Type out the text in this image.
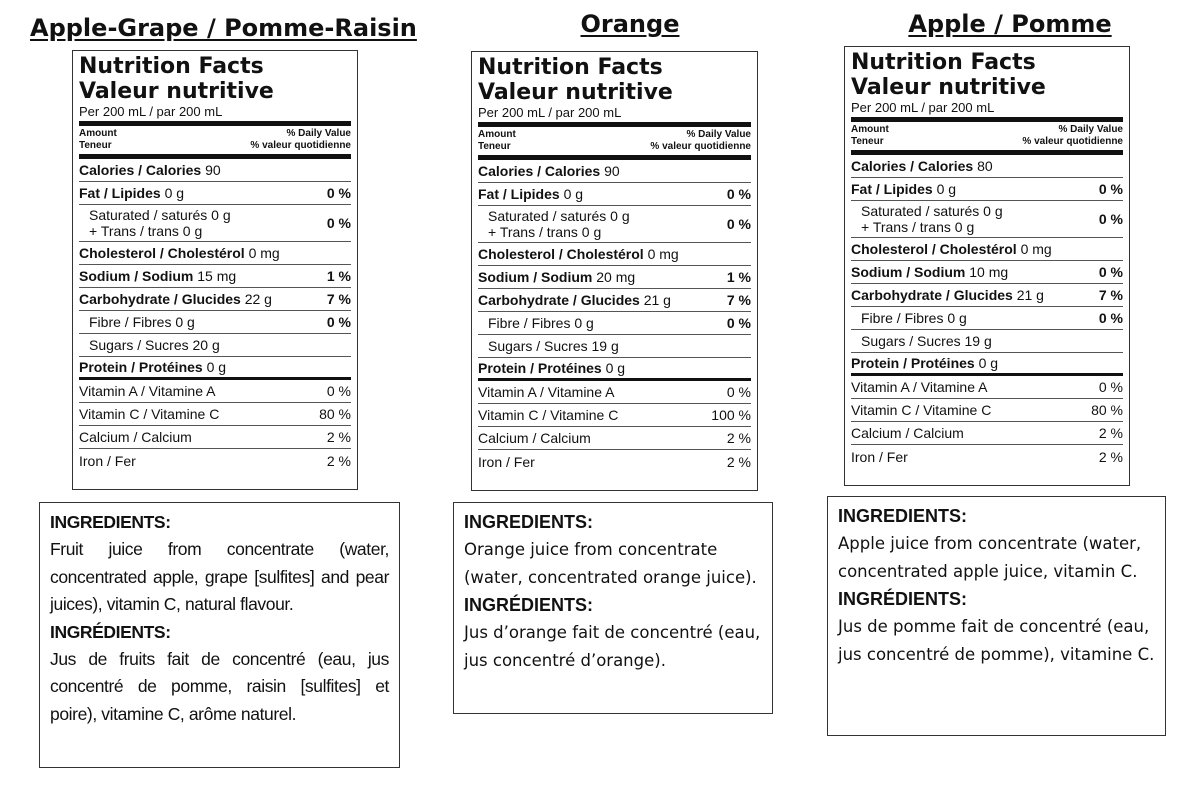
Apple-Grape / Pomme-Raisin
Nutrition Facts
Valeur nutritive
Per 200 mL / par 200 mL
Amount
Teneur
% Daily Value
% valeur quotidienne
Calories / Calories 90
Fat / Lipides 0 g	0 %
Saturated / saturés 0 g
+ Trans / trans 0 g	0 %
Cholesterol / Cholestérol 0 mg
Sodium / Sodium 15 mg	1 %
Carbohydrate / Glucides 22 g	7 %
Fibre / Fibres 0 g	0 %
Sugars / Sucres 20 g
Protein / Protéines 0 g
Vitamin A / Vitamine A	0 %
Vitamin C / Vitamine C	80 %
Calcium / Calcium	2 %
Iron / Fer	2 %
INGREDIENTS:
Fruit juice from concentrate (water, concentrated apple, grape [sulfites] and pear juices), vitamin C, natural flavour.
INGRÉDIENTS:
Jus de fruits fait de concentré (eau, jus concentré de pomme, raisin [sulfites] et poire), vitamine C, arôme naturel.
Orange
Nutrition Facts
Valeur nutritive
Per 200 mL / par 200 mL
Amount
Teneur
% Daily Value
% valeur quotidienne
Calories / Calories 90
Fat / Lipides 0 g	0 %
Saturated / saturés 0 g
+ Trans / trans 0 g	0 %
Cholesterol / Cholestérol 0 mg
Sodium / Sodium 20 mg	1 %
Carbohydrate / Glucides 21 g	7 %
Fibre / Fibres 0 g	0 %
Sugars / Sucres 19 g
Protein / Protéines 0 g
Vitamin A / Vitamine A	0 %
Vitamin C / Vitamine C	100 %
Calcium / Calcium	2 %
Iron / Fer	2 %
INGREDIENTS:
Orange juice from concentrate (water, concentrated orange juice).
INGRÉDIENTS:
Jus d’orange fait de concentré (eau, jus concentré d’orange).
Apple / Pomme
Nutrition Facts
Valeur nutritive
Per 200 mL / par 200 mL
Amount
Teneur
% Daily Value
% valeur quotidienne
Calories / Calories 80
Fat / Lipides 0 g	0 %
Saturated / saturés 0 g
+ Trans / trans 0 g	0 %
Cholesterol / Cholestérol 0 mg
Sodium / Sodium 10 mg	0 %
Carbohydrate / Glucides 21 g	7 %
Fibre / Fibres 0 g	0 %
Sugars / Sucres 19 g
Protein / Protéines 0 g
Vitamin A / Vitamine A	0 %
Vitamin C / Vitamine C	80 %
Calcium / Calcium	2 %
Iron / Fer	2 %
INGREDIENTS:
Apple juice from concentrate (water, concentrated apple juice, vitamin C.
INGRÉDIENTS:
Jus de pomme fait de concentré (eau, jus concentré de pomme), vitamine C.
